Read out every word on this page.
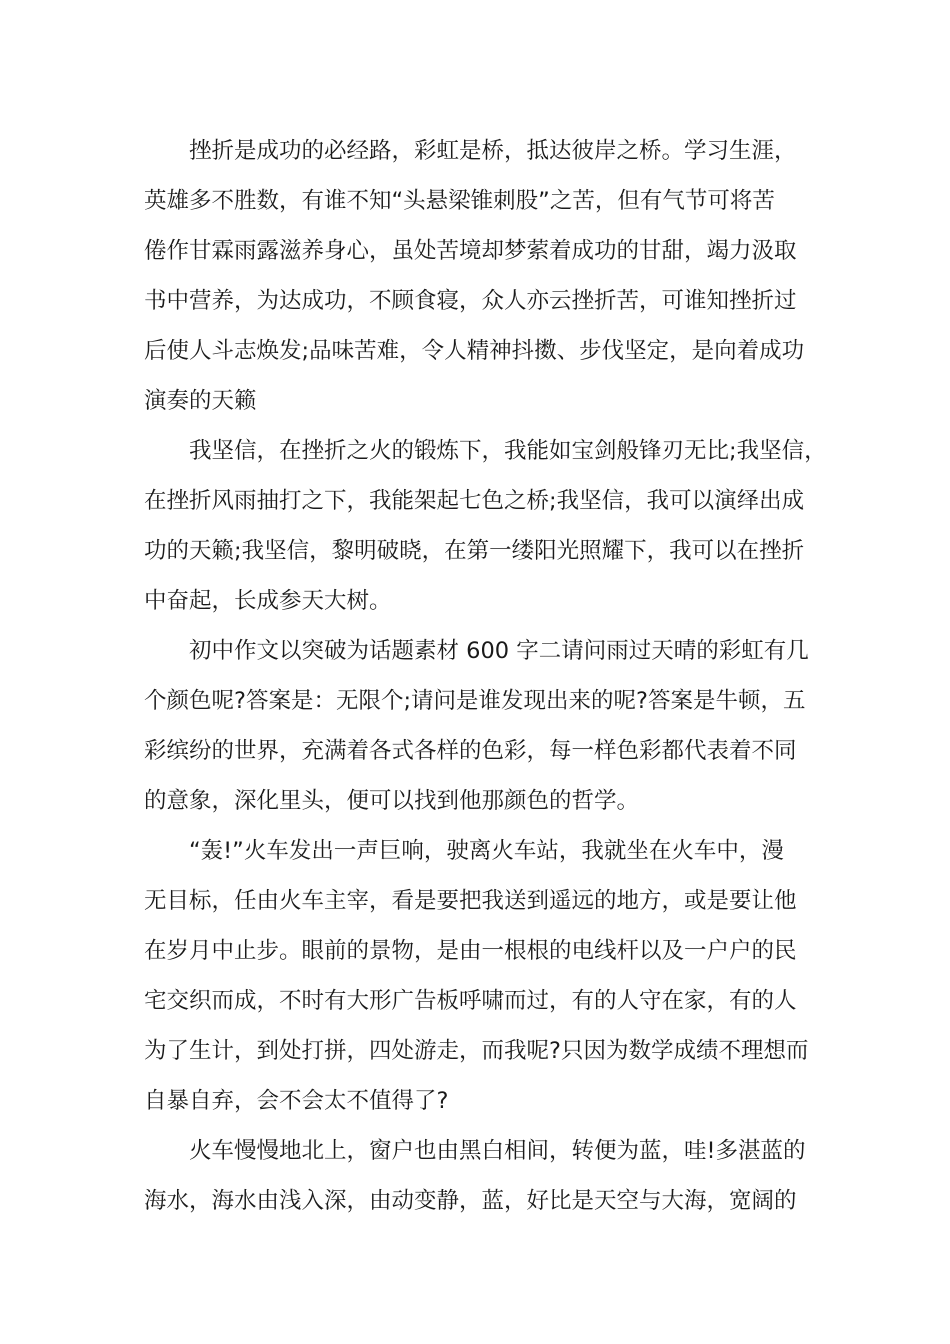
挫折是成功的必经路，彩虹是桥，抵达彼岸之桥。学习生涯，
英雄多不胜数，有谁不知“头悬梁锥刺股”之苦，但有气节可将苦
倦作甘霖雨露滋养身心，虽处苦境却梦萦着成功的甘甜，竭力汲取
书中营养，为达成功，不顾食寝，众人亦云挫折苦，可谁知挫折过
后使人斗志焕发;品味苦难，令人精神抖擞、步伐坚定，是向着成功
演奏的天籁
我坚信，在挫折之火的锻炼下，我能如宝剑般锋刃无比;我坚信，
在挫折风雨抽打之下，我能架起七色之桥;我坚信，我可以演绎出成
功的天籁;我坚信，黎明破晓，在第一缕阳光照耀下，我可以在挫折
中奋起，长成参天大树。
初中作文以突破为话题素材 600 字二请问雨过天晴的彩虹有几
个颜色呢?答案是：无限个;请问是谁发现出来的呢?答案是牛顿，五
彩缤纷的世界，充满着各式各样的色彩，每一样色彩都代表着不同
的意象，深化里头，便可以找到他那颜色的哲学。
“轰!”火车发出一声巨响，驶离火车站，我就坐在火车中，漫
无目标，任由火车主宰，看是要把我送到遥远的地方，或是要让他
在岁月中止步。眼前的景物，是由一根根的电线杆以及一户户的民
宅交织而成，不时有大形广告板呼啸而过，有的人守在家，有的人
为了生计，到处打拼，四处游走，而我呢?只因为数学成绩不理想而
自暴自弃，会不会太不值得了?
火车慢慢地北上，窗户也由黑白相间，转便为蓝，哇!多湛蓝的
海水，海水由浅入深，由动变静，蓝，好比是天空与大海，宽阔的
